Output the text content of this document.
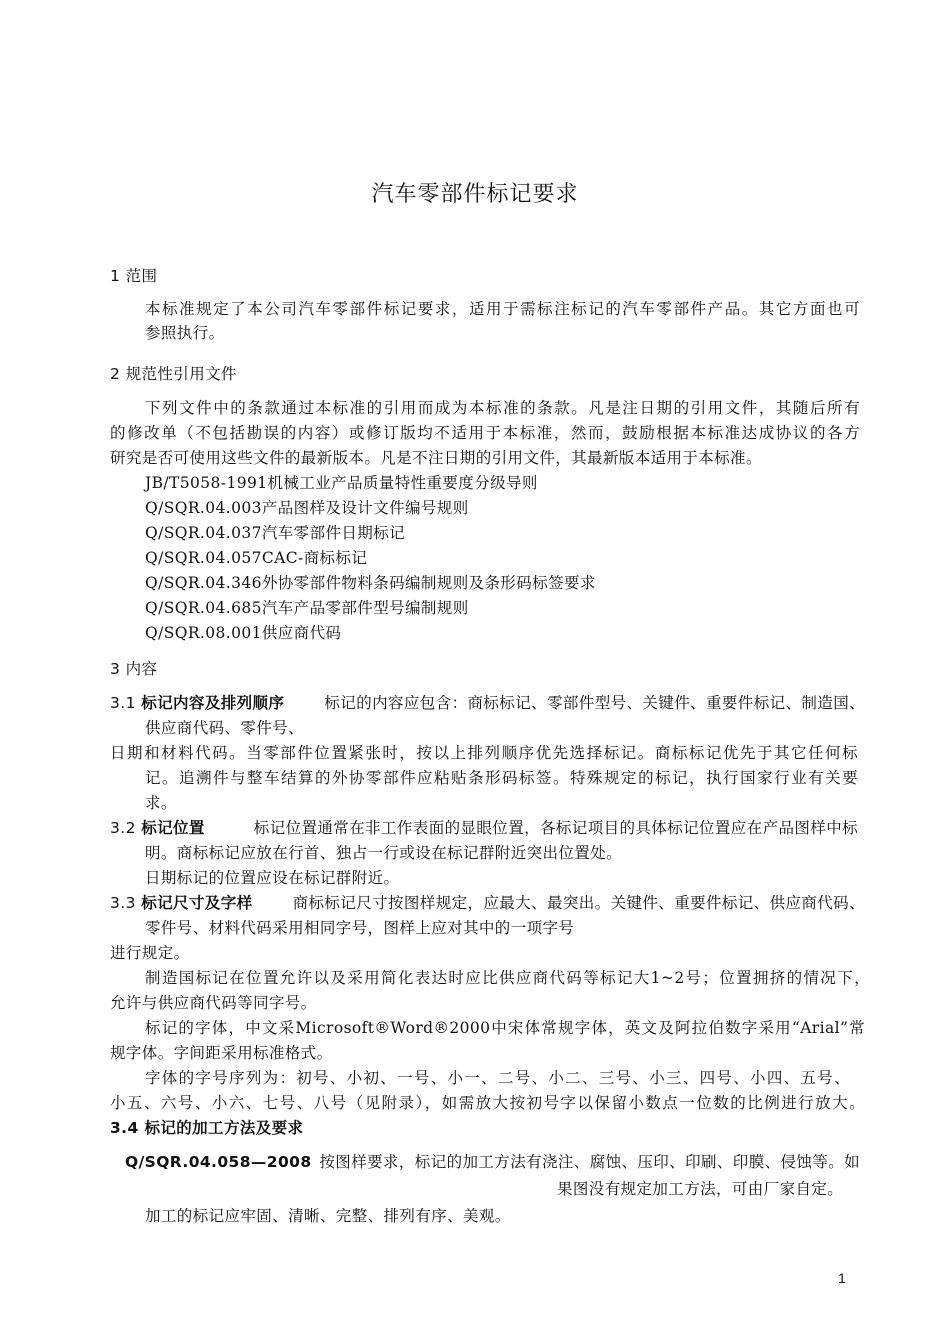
汽车零部件标记要求
1 范围
本标准规定了本公司汽车零部件标记要求，适用于需标注标记的汽车零部件产品。其它方面也可
参照执行。
2 规范性引用文件
下列文件中的条款通过本标准的引用而成为本标准的条款。凡是注日期的引用文件，其随后所有
的修改单（不包括勘误的内容）或修订版均不适用于本标准，然而，鼓励根据本标准达成协议的各方
研究是否可使用这些文件的最新版本。凡是不注日期的引用文件，其最新版本适用于本标准。
JB/T5058-1991机械工业产品质量特性重要度分级导则
Q/SQR.04.003产品图样及设计文件编号规则
Q/SQR.04.037汽车零部件日期标记
Q/SQR.04.057CAC-商标标记
Q/SQR.04.346外协零部件物料条码编制规则及条形码标签要求
Q/SQR.04.685汽车产品零部件型号编制规则
Q/SQR.08.001供应商代码
3 内容
3.1 标记内容及排列顺序	标记的内容应包含：商标标记、零部件型号、关键件、重要件标记、制造国、
供应商代码、零件号、
日期和材料代码。当零部件位置紧张时，按以上排列顺序优先选择标记。商标标记优先于其它任何标
记。追溯件与整车结算的外协零部件应粘贴条形码标签。特殊规定的标记，执行国家行业有关要
求。
3.2 标记位置	标记位置通常在非工作表面的显眼位置，各标记项目的具体标记位置应在产品图样中标
明。商标标记应放在行首、独占一行或设在标记群附近突出位置处。
日期标记的位置应设在标记群附近。
3.3 标记尺寸及字样	商标标记尺寸按图样规定，应最大、最突出。关键件、重要件标记、供应商代码、
零件号、材料代码采用相同字号，图样上应对其中的一项字号
进行规定。
制造国标记在位置允许以及采用简化表达时应比供应商代码等标记大1~2号；位置拥挤的情况下，
允许与供应商代码等同字号。
标记的字体，中文采Microsoft®Word®2000中宋体常规字体，英文及阿拉伯数字采用“Arial”常
规字体。字间距采用标准格式。
字体的字号序列为：初号、小初、一号、小一、二号、小二、三号、小三、四号、小四、五号、
小五、六号、小六、七号、八号（见附录），如需放大按初号字以保留小数点一位数的比例进行放大。
3.4 标记的加工方法及要求
Q/SQR.04.058—2008 按图样要求，标记的加工方法有浇注、腐蚀、压印、印刷、印膜、侵蚀等。如
果图没有规定加工方法，可由厂家自定。
加工的标记应牢固、清晰、完整、排列有序、美观。
1
